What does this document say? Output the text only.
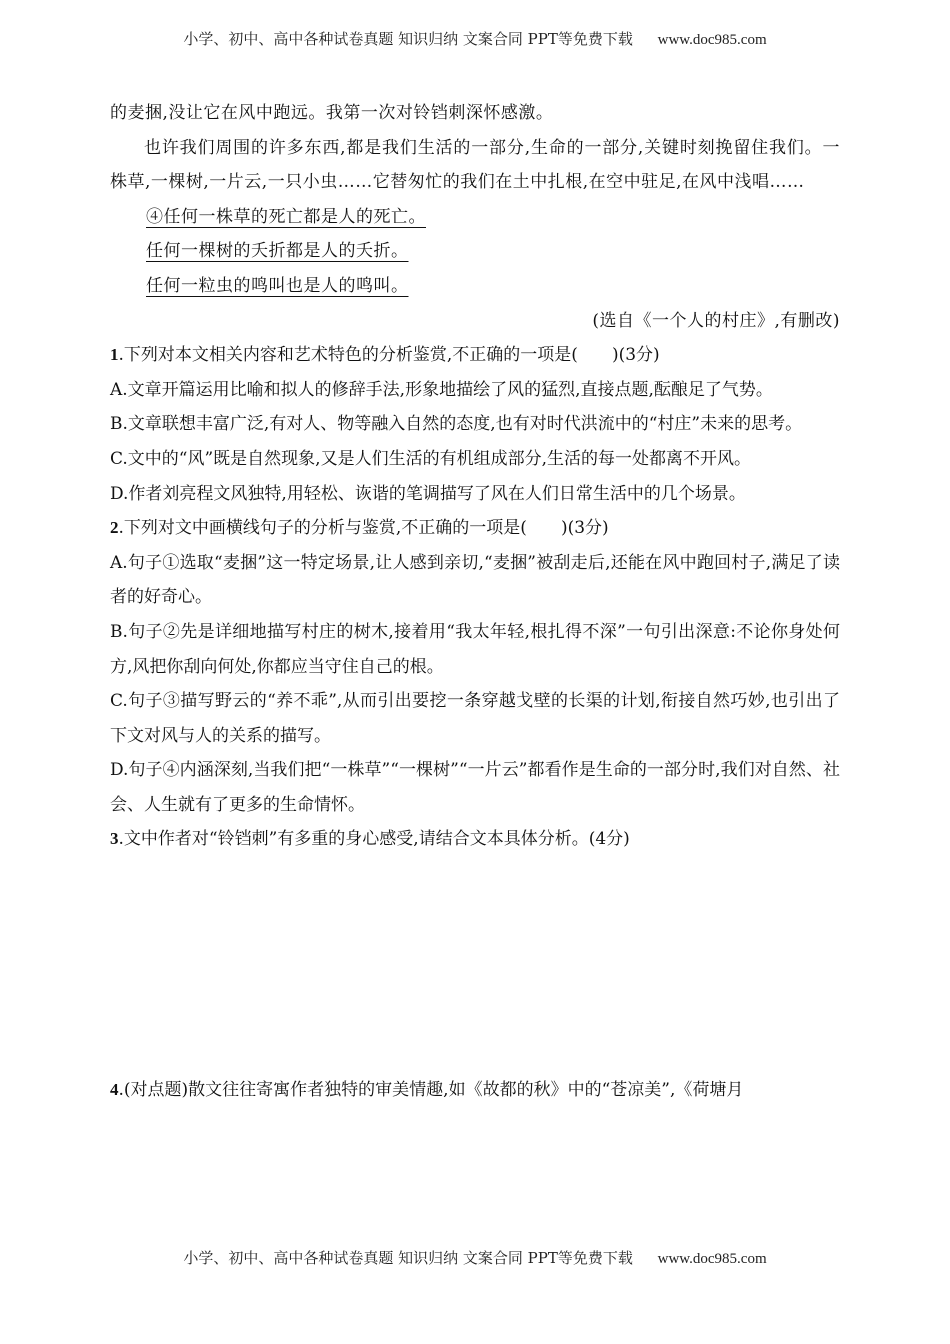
小学、初中、高中各种试卷真题 知识归纳 文案合同 PPT等免费下载 www.doc985.com

的麦捆,没让它在风中跑远。我第一次对铃铛刺深怀感激。

也许我们周围的许多东西,都是我们生活的一部分,生命的一部分,关键时刻挽留住我们。一株草,一棵树,一片云,一只小虫……它替匆忙的我们在土中扎根,在空中驻足,在风中浅唱……

④任何一株草的死亡都是人的死亡。

任何一棵树的夭折都是人的夭折。

任何一粒虫的鸣叫也是人的鸣叫。

(选自《一个人的村庄》,有删改)

1.下列对本文相关内容和艺术特色的分析鉴赏,不正确的一项是(　　)(3分)

A.文章开篇运用比喻和拟人的修辞手法,形象地描绘了风的猛烈,直接点题,酝酿足了气势。

B.文章联想丰富广泛,有对人、物等融入自然的态度,也有对时代洪流中的“村庄”未来的思考。

C.文中的“风”既是自然现象,又是人们生活的有机组成部分,生活的每一处都离不开风。

D.作者刘亮程文风独特,用轻松、诙谐的笔调描写了风在人们日常生活中的几个场景。

2.下列对文中画横线句子的分析与鉴赏,不正确的一项是(　　)(3分)

A.句子①选取“麦捆”这一特定场景,让人感到亲切,“麦捆”被刮走后,还能在风中跑回村子,满足了读者的好奇心。

B.句子②先是详细地描写村庄的树木,接着用“我太年轻,根扎得不深”一句引出深意:不论你身处何方,风把你刮向何处,你都应当守住自己的根。

C.句子③描写野云的“养不乖”,从而引出要挖一条穿越戈壁的长渠的计划,衔接自然巧妙,也引出了下文对风与人的关系的描写。

D.句子④内涵深刻,当我们把“一株草”“一棵树”“一片云”都看作是生命的一部分时,我们对自然、社会、人生就有了更多的生命情怀。

3.文中作者对“铃铛刺”有多重的身心感受,请结合文本具体分析。(4分)

4.(对点题)散文往往寄寓作者独特的审美情趣,如《故都的秋》中的“苍凉美”,《荷塘月

小学、初中、高中各种试卷真题 知识归纳 文案合同 PPT等免费下载 www.doc985.com
